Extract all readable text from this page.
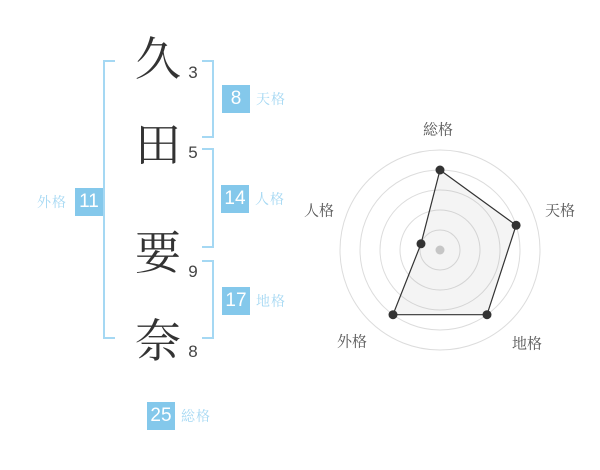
久
田
要
奈
3
5
9
8
8
14
17
11
25
天格
人格
地格
外格
総格
総格
天格
地格
外格
人格
